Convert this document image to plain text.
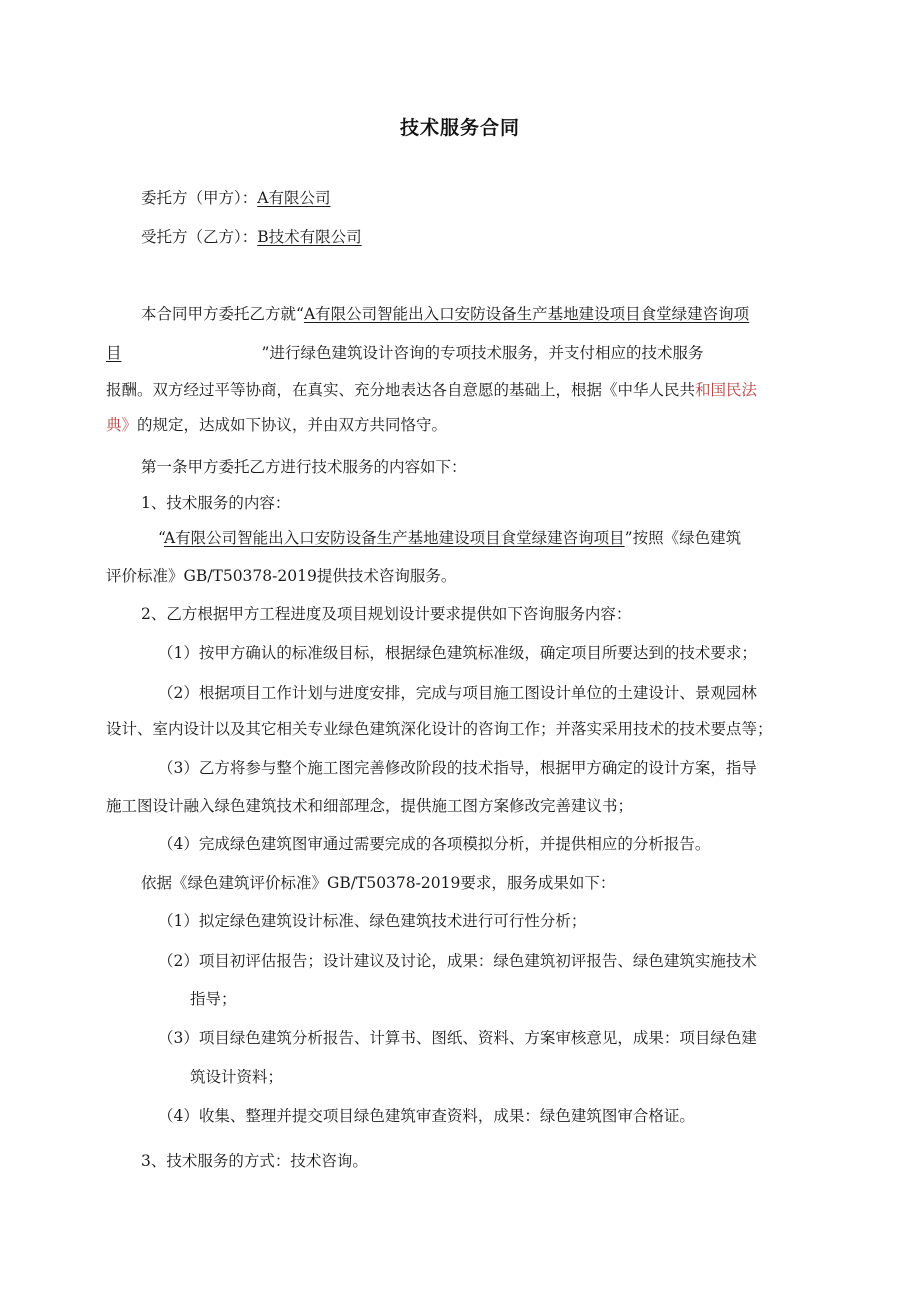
技术服务合同
委托方（甲方）：A有限公司
受托方（乙方）：B技术有限公司
本合同甲方委托乙方就“A有限公司智能出入口安防设备生产基地建设项目食堂绿建咨询项
目	”进行绿色建筑设计咨询的专项技术服务，并支付相应的技术服务
报酬。双方经过平等协商，在真实、充分地表达各自意愿的基础上，根据《中华人民共和国民法
典》的规定，达成如下协议，并由双方共同恪守。
第一条甲方委托乙方进行技术服务的内容如下：
1、技术服务的内容：
“A有限公司智能出入口安防设备生产基地建设项目食堂绿建咨询项目”按照《绿色建筑
评价标准》GB/T50378-2019提供技术咨询服务。
2、乙方根据甲方工程进度及项目规划设计要求提供如下咨询服务内容：
（1）按甲方确认的标准级目标，根据绿色建筑标准级，确定项目所要达到的技术要求；
（2）根据项目工作计划与进度安排，完成与项目施工图设计单位的土建设计、景观园林
设计、室内设计以及其它相关专业绿色建筑深化设计的咨询工作；并落实采用技术的技术要点等；
（3）乙方将参与整个施工图完善修改阶段的技术指导，根据甲方确定的设计方案，指导
施工图设计融入绿色建筑技术和细部理念，提供施工图方案修改完善建议书；
（4）完成绿色建筑图审通过需要完成的各项模拟分析，并提供相应的分析报告。
依据《绿色建筑评价标准》GB/T50378-2019要求，服务成果如下：
（1）拟定绿色建筑设计标准、绿色建筑技术进行可行性分析；
（2）项目初评估报告；设计建议及讨论，成果：绿色建筑初评报告、绿色建筑实施技术
指导；
（3）项目绿色建筑分析报告、计算书、图纸、资料、方案审核意见，成果：项目绿色建
筑设计资料；
（4）收集、整理并提交项目绿色建筑审查资料，成果：绿色建筑图审合格证。
3、技术服务的方式：技术咨询。
